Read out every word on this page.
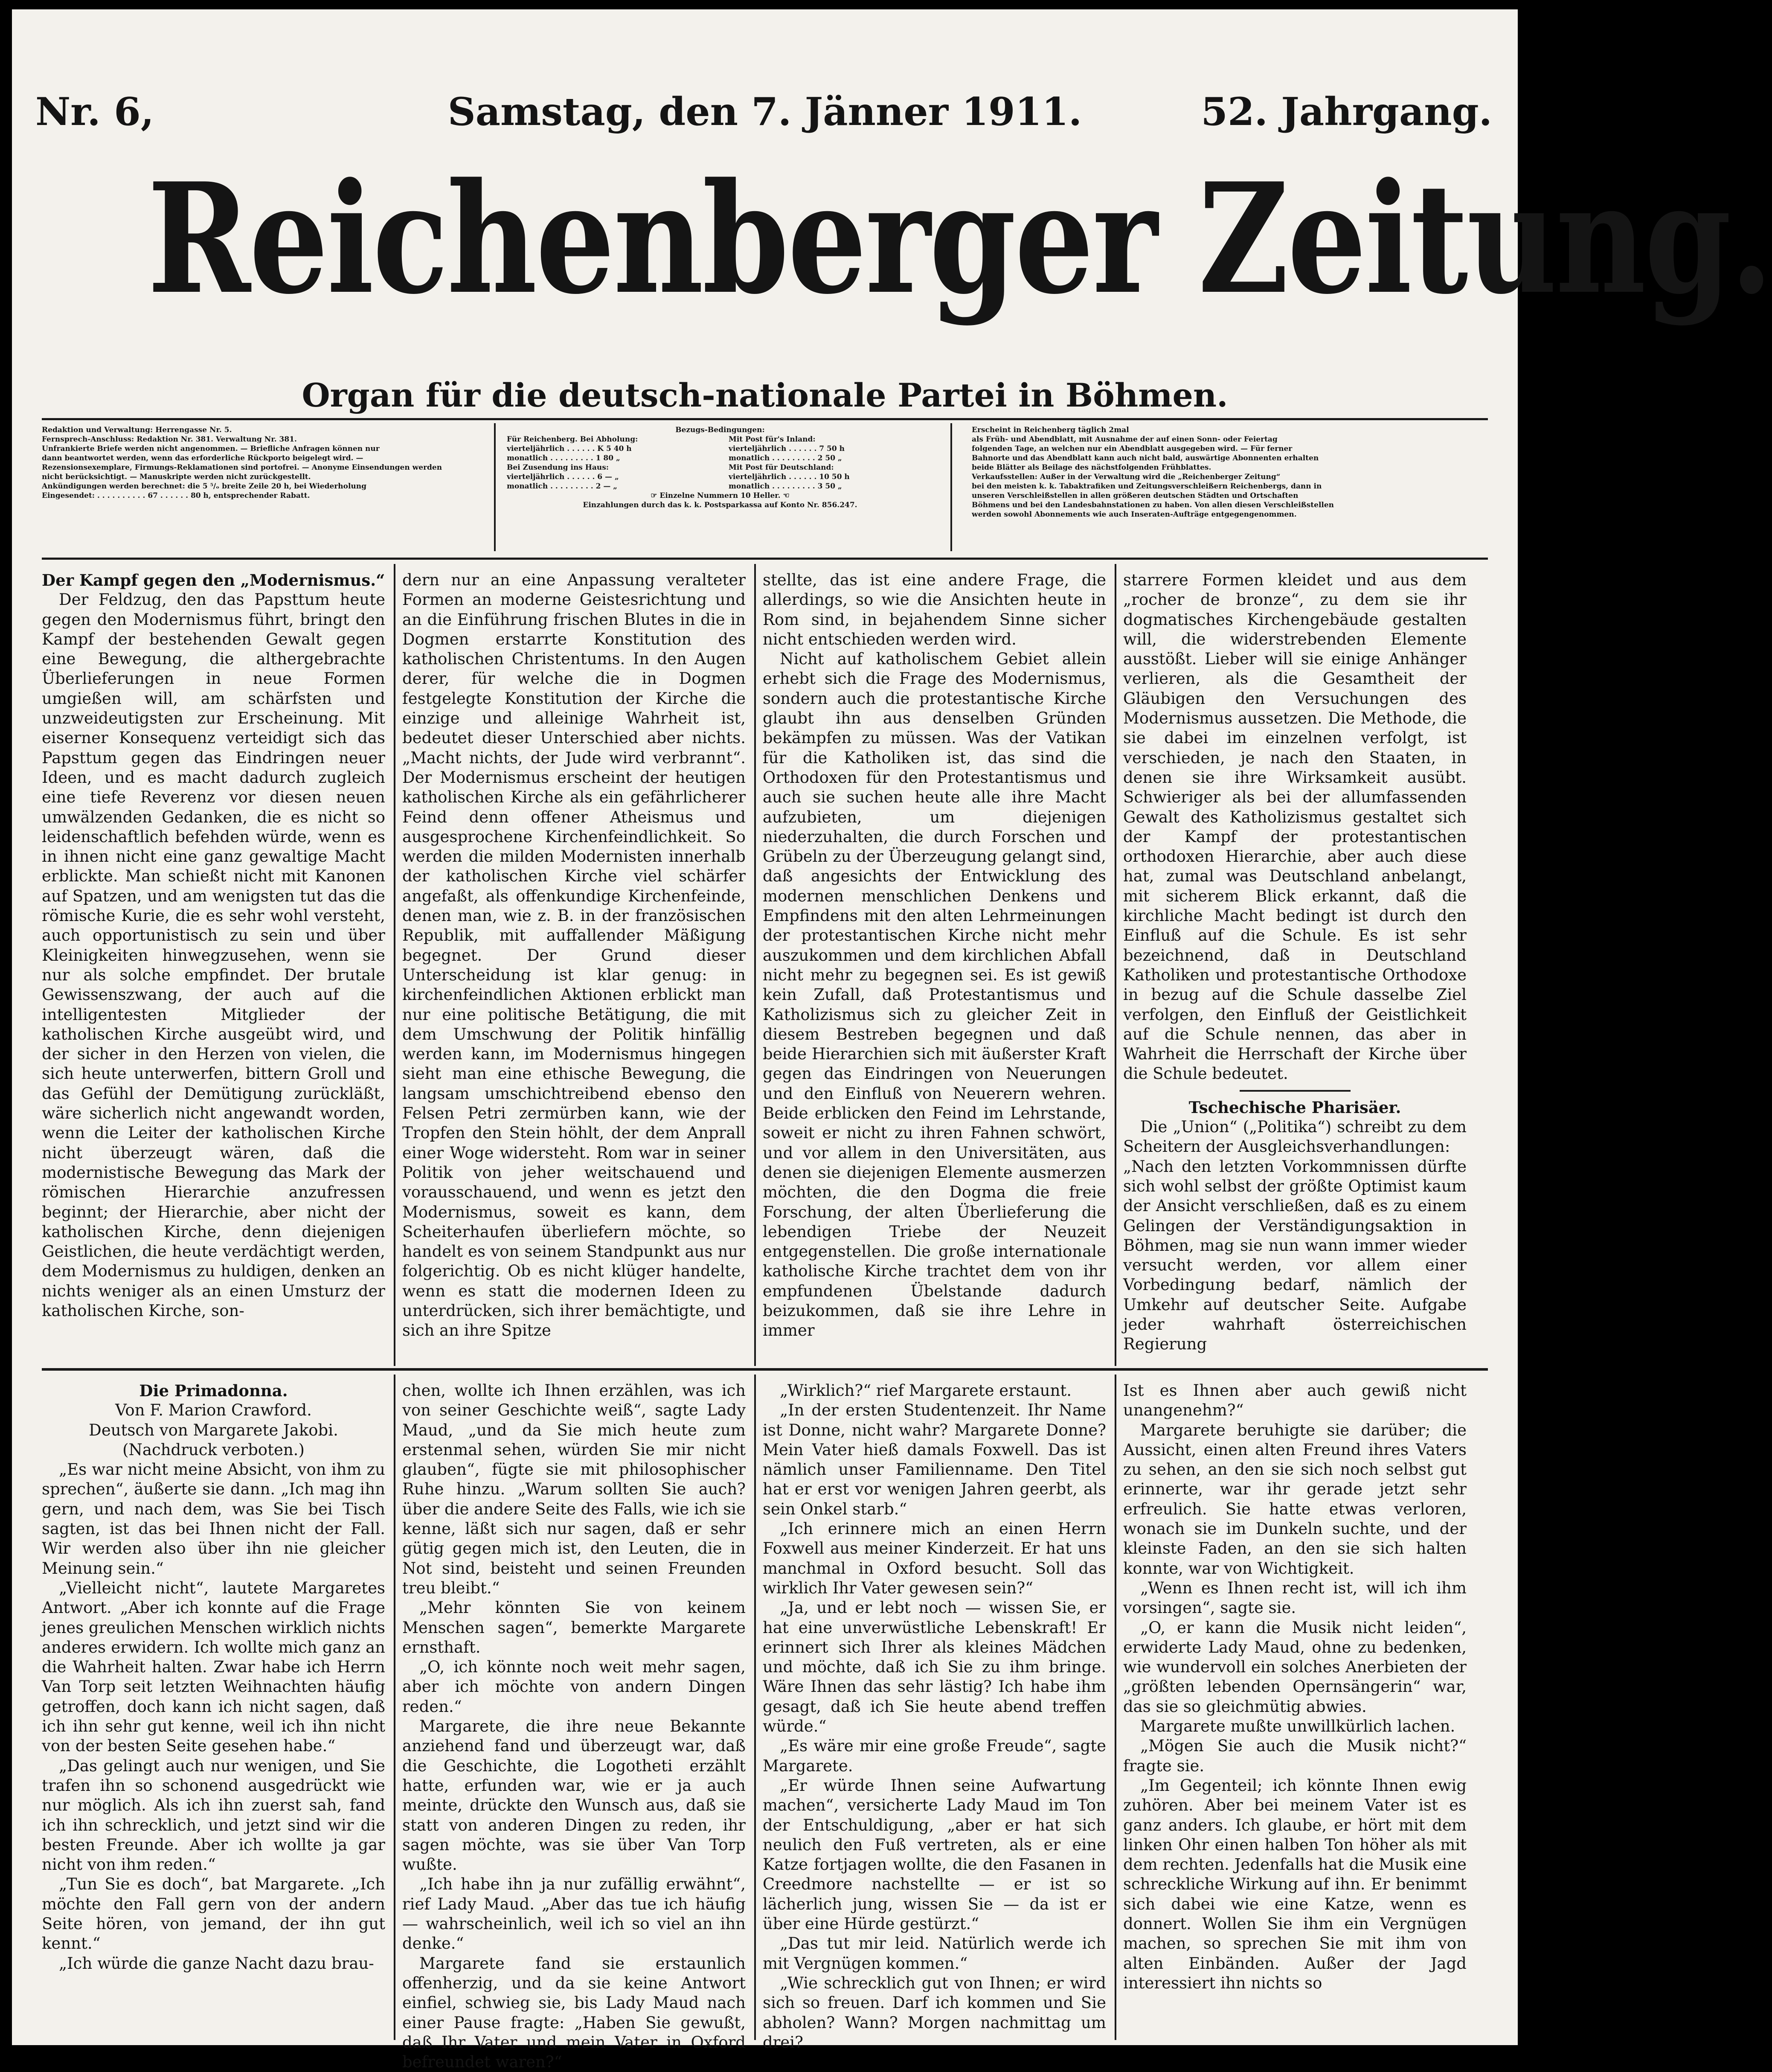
Nr. 6,	Samstag, den 7. Jänner 1911.	52. Jahrgang.
Reichenberger Zeitung.
Organ für die deutsch-nationale Partei in Böhmen.
Redaktion und Verwaltung: Herrengasse Nr. 5.
Fernsprech-Anschluss: Redaktion Nr. 381. Verwaltung Nr. 381.
Unfrankierte Briefe werden nicht angenommen. — Briefliche Anfragen können nur
dann beantwortet werden, wenn das erforderliche Rückporto beigelegt wird. —
Rezensionsexemplare, Firmungs-Reklamationen sind portofrei. — Anonyme Einsendungen werden
nicht berücksichtigt. — Manuskripte werden nicht zurückgestellt.
Ankündigungen werden berechnet: die 5 ⁵/ₒ breite Zeile 20 h, bei Wiederholung
Eingesendet: . . . . . . . . . . 67 . . . . . . 80 h, entsprechender Rabatt.
Bezugs-Bedingungen:
Für Reichenberg. Bei Abholung:
vierteljährlich . . . . . . K 5 40 h
monatlich . . . . . . . . . 1 80 „
Bei Zusendung ins Haus:
vierteljährlich . . . . . . 6 — „
monatlich . . . . . . . . . 2 — „
Mit Post für's Inland:
vierteljährlich . . . . . . 7 50 h
monatlich . . . . . . . . . 2 50 „
Mit Post für Deutschland:
vierteljährlich . . . . . . 10 50 h
monatlich . . . . . . . . . 3 50 „
☞ Einzelne Nummern 10 Heller. ☜
Einzahlungen durch das k. k. Postsparkassa auf Konto Nr. 856.247.
Erscheint in Reichenberg täglich 2mal
als Früh- und Abendblatt, mit Ausnahme der auf einen Sonn- oder Feiertag
folgenden Tage, an welchen nur ein Abendblatt ausgegeben wird. — Für ferner
Bahnorte und das Abendblatt kann auch nicht bald, auswärtige Abonnenten erhalten
beide Blätter als Beilage des nächstfolgenden Frühblattes.
Verkaufsstellen: Außer in der Verwaltung wird die „Reichenberger Zeitung“
bei den meisten k. k. Tabaktrafiken und Zeitungsverschleißern Reichenbergs, dann in
unseren Verschleißstellen in allen größeren deutschen Städten und Ortschaften
Böhmens und bei den Landesbahnstationen zu haben. Von allen diesen Verschleißstellen
werden sowohl Abonnements wie auch Inseraten-Aufträge entgegengenommen.
Der Kampf gegen den „Modernismus.“
Der Feldzug, den das Papsttum heute gegen den Modernismus führt, bringt den Kampf der bestehenden Gewalt gegen eine Bewegung, die althergebrachte Überlieferungen in neue Formen umgießen will, am schärfsten und unzweideutigsten zur Erscheinung. Mit eiserner Konsequenz verteidigt sich das Papsttum gegen das Eindringen neuer Ideen, und es macht dadurch zugleich eine tiefe Reverenz vor diesen neuen umwälzenden Gedanken, die es nicht so leidenschaftlich befehden würde, wenn es in ihnen nicht eine ganz gewaltige Macht erblickte. Man schießt nicht mit Kanonen auf Spatzen, und am wenigsten tut das die römische Kurie, die es sehr wohl versteht, auch opportunistisch zu sein und über Kleinigkeiten hinwegzusehen, wenn sie nur als solche empfindet. Der brutale Gewissenszwang, der auch auf die intelligentesten Mitglieder der katholischen Kirche ausgeübt wird, und der sicher in den Herzen von vielen, die sich heute unterwerfen, bittern Groll und das Gefühl der Demütigung zurückläßt, wäre sicherlich nicht angewandt worden, wenn die Leiter der katholischen Kirche nicht überzeugt wären, daß die modernistische Bewegung das Mark der römischen Hierarchie anzufressen beginnt; der Hierarchie, aber nicht der katholischen Kirche, denn diejenigen Geistlichen, die heute verdächtigt werden, dem Modernismus zu huldigen, denken an nichts weniger als an einen Umsturz der katholischen Kirche, son-
dern nur an eine Anpassung veralteter Formen an moderne Geistesrichtung und an die Einführung frischen Blutes in die in Dogmen erstarrte Konstitution des katholischen Christentums. In den Augen derer, für welche die in Dogmen festgelegte Konstitution der Kirche die einzige und alleinige Wahrheit ist, bedeutet dieser Unterschied aber nichts. „Macht nichts, der Jude wird verbrannt“. Der Modernismus erscheint der heutigen katholischen Kirche als ein gefährlicherer Feind denn offener Atheismus und ausgesprochene Kirchenfeindlichkeit. So werden die milden Modernisten innerhalb der katholischen Kirche viel schärfer angefaßt, als offenkundige Kirchenfeinde, denen man, wie z. B. in der französischen Republik, mit auffallender Mäßigung begegnet. Der Grund dieser Unterscheidung ist klar genug: in kirchenfeindlichen Aktionen erblickt man nur eine politische Betätigung, die mit dem Umschwung der Politik hinfällig werden kann, im Modernismus hingegen sieht man eine ethische Bewegung, die langsam umschichtreibend ebenso den Felsen Petri zermürben kann, wie der Tropfen den Stein höhlt, der dem Anprall einer Woge widersteht. Rom war in seiner Politik von jeher weitschauend und vorausschauend, und wenn es jetzt den Modernismus, soweit es kann, dem Scheiterhaufen überliefern möchte, so handelt es von seinem Standpunkt aus nur folgerichtig. Ob es nicht klüger handelte, wenn es statt die modernen Ideen zu unterdrücken, sich ihrer bemächtigte, und sich an ihre Spitze
stellte, das ist eine andere Frage, die allerdings, so wie die Ansichten heute in Rom sind, in bejahendem Sinne sicher nicht entschieden werden wird.
Nicht auf katholischem Gebiet allein erhebt sich die Frage des Modernismus, sondern auch die protestantische Kirche glaubt ihn aus denselben Gründen bekämpfen zu müssen. Was der Vatikan für die Katholiken ist, das sind die Orthodoxen für den Protestantismus und auch sie suchen heute alle ihre Macht aufzubieten, um diejenigen niederzuhalten, die durch Forschen und Grübeln zu der Überzeugung gelangt sind, daß angesichts der Entwicklung des modernen menschlichen Denkens und Empfindens mit den alten Lehrmeinungen der protestantischen Kirche nicht mehr auszukommen und dem kirchlichen Abfall nicht mehr zu begegnen sei. Es ist gewiß kein Zufall, daß Protestantismus und Katholizismus sich zu gleicher Zeit in diesem Bestreben begegnen und daß beide Hierarchien sich mit äußerster Kraft gegen das Eindringen von Neuerungen und den Einfluß von Neuerern wehren. Beide erblicken den Feind im Lehrstande, soweit er nicht zu ihren Fahnen schwört, und vor allem in den Universitäten, aus denen sie diejenigen Elemente ausmerzen möchten, die den Dogma die freie Forschung, der alten Überlieferung die lebendigen Triebe der Neuzeit entgegenstellen. Die große internationale katholische Kirche trachtet dem von ihr empfundenen Übelstande dadurch beizukommen, daß sie ihre Lehre in immer
starrere Formen kleidet und aus dem „rocher de bronze“, zu dem sie ihr dogmatisches Kirchengebäude gestalten will, die widerstrebenden Elemente ausstößt. Lieber will sie einige Anhänger verlieren, als die Gesamtheit der Gläubigen den Versuchungen des Modernismus aussetzen. Die Methode, die sie dabei im einzelnen verfolgt, ist verschieden, je nach den Staaten, in denen sie ihre Wirksamkeit ausübt. Schwieriger als bei der allumfassenden Gewalt des Katholizismus gestaltet sich der Kampf der protestantischen orthodoxen Hierarchie, aber auch diese hat, zumal was Deutschland anbelangt, mit sicherem Blick erkannt, daß die kirchliche Macht bedingt ist durch den Einfluß auf die Schule. Es ist sehr bezeichnend, daß in Deutschland Katholiken und protestantische Orthodoxe in bezug auf die Schule dasselbe Ziel verfolgen, den Einfluß der Geistlichkeit auf die Schule nennen, das aber in Wahrheit die Herrschaft der Kirche über die Schule bedeutet.
Tschechische Pharisäer.
Die „Union“ („Politika“) schreibt zu dem Scheitern der Ausgleichsverhandlungen:
„Nach den letzten Vorkommnissen dürfte sich wohl selbst der größte Optimist kaum der Ansicht verschließen, daß es zu einem Gelingen der Verständigungsaktion in Böhmen, mag sie nun wann immer wieder versucht werden, vor allem einer Vorbedingung bedarf, nämlich der Umkehr auf deutscher Seite. Aufgabe jeder wahrhaft österreichischen Regierung
Die Primadonna.
Von F. Marion Crawford.
Deutsch von Margarete Jakobi.
(Nachdruck verboten.)
„Es war nicht meine Absicht, von ihm zu sprechen“, äußerte sie dann. „Ich mag ihn gern, und nach dem, was Sie bei Tisch sagten, ist das bei Ihnen nicht der Fall. Wir werden also über ihn nie gleicher Meinung sein.“
„Vielleicht nicht“, lautete Margaretes Antwort. „Aber ich konnte auf die Frage jenes greulichen Menschen wirklich nichts anderes erwidern. Ich wollte mich ganz an die Wahrheit halten. Zwar habe ich Herrn Van Torp seit letzten Weihnachten häufig getroffen, doch kann ich nicht sagen, daß ich ihn sehr gut kenne, weil ich ihn nicht von der besten Seite gesehen habe.“
„Das gelingt auch nur wenigen, und Sie trafen ihn so schonend ausgedrückt wie nur möglich. Als ich ihn zuerst sah, fand ich ihn schrecklich, und jetzt sind wir die besten Freunde. Aber ich wollte ja gar nicht von ihm reden.“
„Tun Sie es doch“, bat Margarete. „Ich möchte den Fall gern von der andern Seite hören, von jemand, der ihn gut kennt.“
„Ich würde die ganze Nacht dazu brau-
chen, wollte ich Ihnen erzählen, was ich von seiner Geschichte weiß“, sagte Lady Maud, „und da Sie mich heute zum erstenmal sehen, würden Sie mir nicht glauben“, fügte sie mit philosophischer Ruhe hinzu. „Warum sollten Sie auch? über die andere Seite des Falls, wie ich sie kenne, läßt sich nur sagen, daß er sehr gütig gegen mich ist, den Leuten, die in Not sind, beisteht und seinen Freunden treu bleibt.“
„Mehr könnten Sie von keinem Menschen sagen“, bemerkte Margarete ernsthaft.
„O, ich könnte noch weit mehr sagen, aber ich möchte von andern Dingen reden.“
Margarete, die ihre neue Bekannte anziehend fand und überzeugt war, daß die Geschichte, die Logotheti erzählt hatte, erfunden war, wie er ja auch meinte, drückte den Wunsch aus, daß sie statt von anderen Dingen zu reden, ihr sagen möchte, was sie über Van Torp wußte.
„Ich habe ihn ja nur zufällig erwähnt“, rief Lady Maud. „Aber das tue ich häufig — wahrscheinlich, weil ich so viel an ihn denke.“
Margarete fand sie erstaunlich offenherzig, und da sie keine Antwort einfiel, schwieg sie, bis Lady Maud nach einer Pause fragte: „Haben Sie gewußt, daß Ihr Vater und mein Vater in Oxford befreundet waren?“
„Wirklich?“ rief Margarete erstaunt.
„In der ersten Studentenzeit. Ihr Name ist Donne, nicht wahr? Margarete Donne? Mein Vater hieß damals Foxwell. Das ist nämlich unser Familienname. Den Titel hat er erst vor wenigen Jahren geerbt, als sein Onkel starb.“
„Ich erinnere mich an einen Herrn Foxwell aus meiner Kinderzeit. Er hat uns manchmal in Oxford besucht. Soll das wirklich Ihr Vater gewesen sein?“
„Ja, und er lebt noch — wissen Sie, er hat eine unverwüstliche Lebenskraft! Er erinnert sich Ihrer als kleines Mädchen und möchte, daß ich Sie zu ihm bringe. Wäre Ihnen das sehr lästig? Ich habe ihm gesagt, daß ich Sie heute abend treffen würde.“
„Es wäre mir eine große Freude“, sagte Margarete.
„Er würde Ihnen seine Aufwartung machen“, versicherte Lady Maud im Ton der Entschuldigung, „aber er hat sich neulich den Fuß vertreten, als er eine Katze fortjagen wollte, die den Fasanen in Creedmore nachstellte — er ist so lächerlich jung, wissen Sie — da ist er über eine Hürde gestürzt.“
„Das tut mir leid. Natürlich werde ich mit Vergnügen kommen.“
„Wie schrecklich gut von Ihnen; er wird sich so freuen. Darf ich kommen und Sie abholen? Wann? Morgen nachmittag um drei?
Ist es Ihnen aber auch gewiß nicht unangenehm?“
Margarete beruhigte sie darüber; die Aussicht, einen alten Freund ihres Vaters zu sehen, an den sie sich noch selbst gut erinnerte, war ihr gerade jetzt sehr erfreulich. Sie hatte etwas verloren, wonach sie im Dunkeln suchte, und der kleinste Faden, an den sie sich halten konnte, war von Wichtigkeit.
„Wenn es Ihnen recht ist, will ich ihm vorsingen“, sagte sie.
„O, er kann die Musik nicht leiden“, erwiderte Lady Maud, ohne zu bedenken, wie wundervoll ein solches Anerbieten der „größten lebenden Opernsängerin“ war, das sie so gleichmütig abwies.
Margarete mußte unwillkürlich lachen.
„Mögen Sie auch die Musik nicht?“ fragte sie.
„Im Gegenteil; ich könnte Ihnen ewig zuhören. Aber bei meinem Vater ist es ganz anders. Ich glaube, er hört mit dem linken Ohr einen halben Ton höher als mit dem rechten. Jedenfalls hat die Musik eine schreckliche Wirkung auf ihn. Er benimmt sich dabei wie eine Katze, wenn es donnert. Wollen Sie ihm ein Vergnügen machen, so sprechen Sie mit ihm von alten Einbänden. Außer der Jagd interessiert ihn nichts so
